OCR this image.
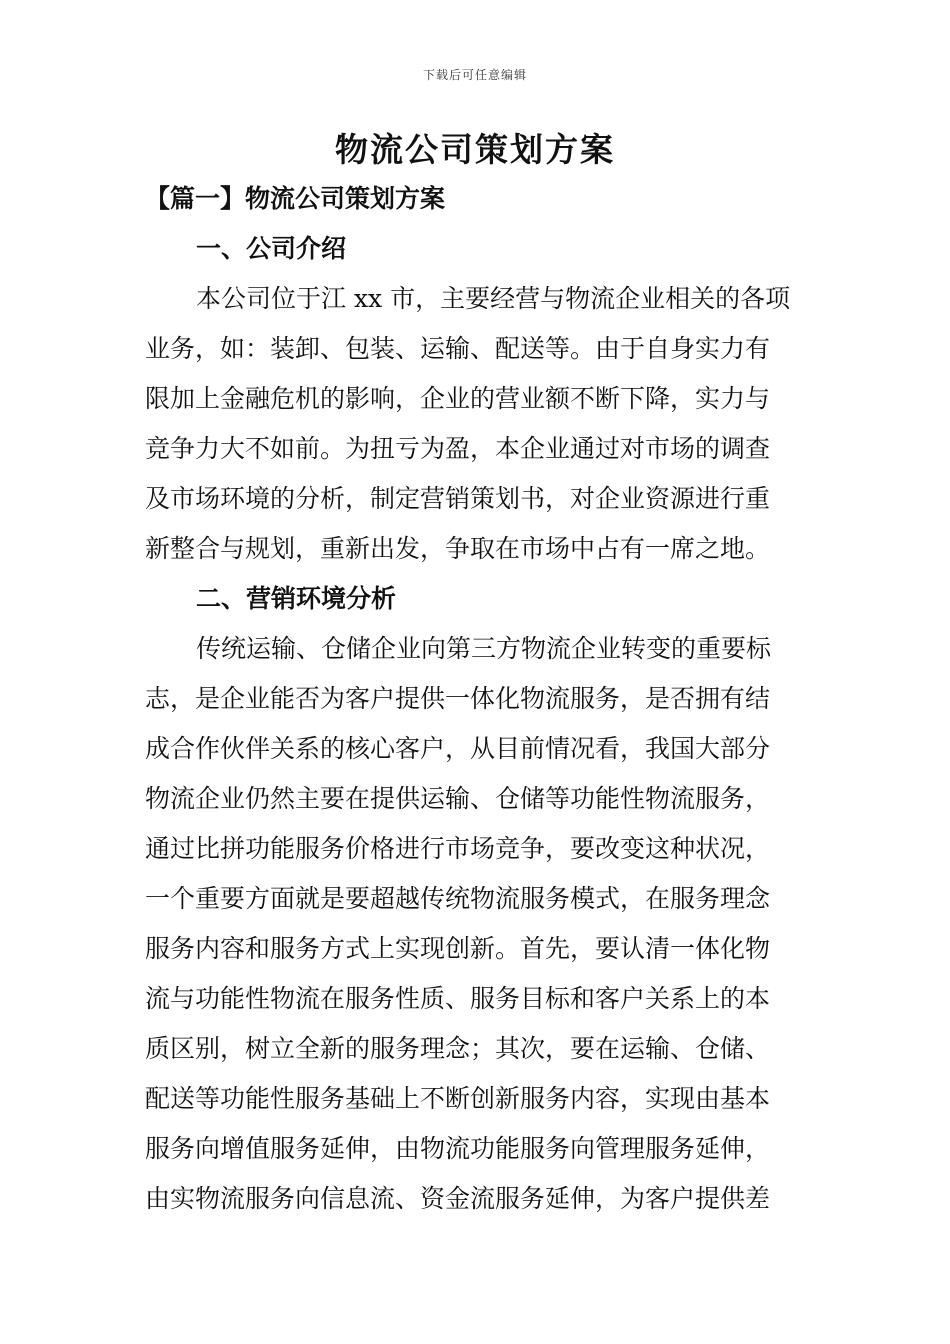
下载后可任意编辑
物流公司策划方案
【篇一】物流公司策划方案
一、公司介绍
本公司位于江 xx 市，主要经营与物流企业相关的各项
业务，如：装卸、包装、运输、配送等。由于自身实力有
限加上金融危机的影响，企业的营业额不断下降，实力与
竞争力大不如前。为扭亏为盈，本企业通过对市场的调查
及市场环境的分析，制定营销策划书，对企业资源进行重
新整合与规划，重新出发，争取在市场中占有一席之地。
二、营销环境分析
传统运输、仓储企业向第三方物流企业转变的重要标
志，是企业能否为客户提供一体化物流服务，是否拥有结
成合作伙伴关系的核心客户，从目前情况看，我国大部分
物流企业仍然主要在提供运输、仓储等功能性物流服务，
通过比拼功能服务价格进行市场竞争，要改变这种状况，
一个重要方面就是要超越传统物流服务模式，在服务理念
服务内容和服务方式上实现创新。首先，要认清一体化物
流与功能性物流在服务性质、服务目标和客户关系上的本
质区别，树立全新的服务理念；其次，要在运输、仓储、
配送等功能性服务基础上不断创新服务内容，实现由基本
服务向增值服务延伸，由物流功能服务向管理服务延伸，
由实物流服务向信息流、资金流服务延伸，为客户提供差
